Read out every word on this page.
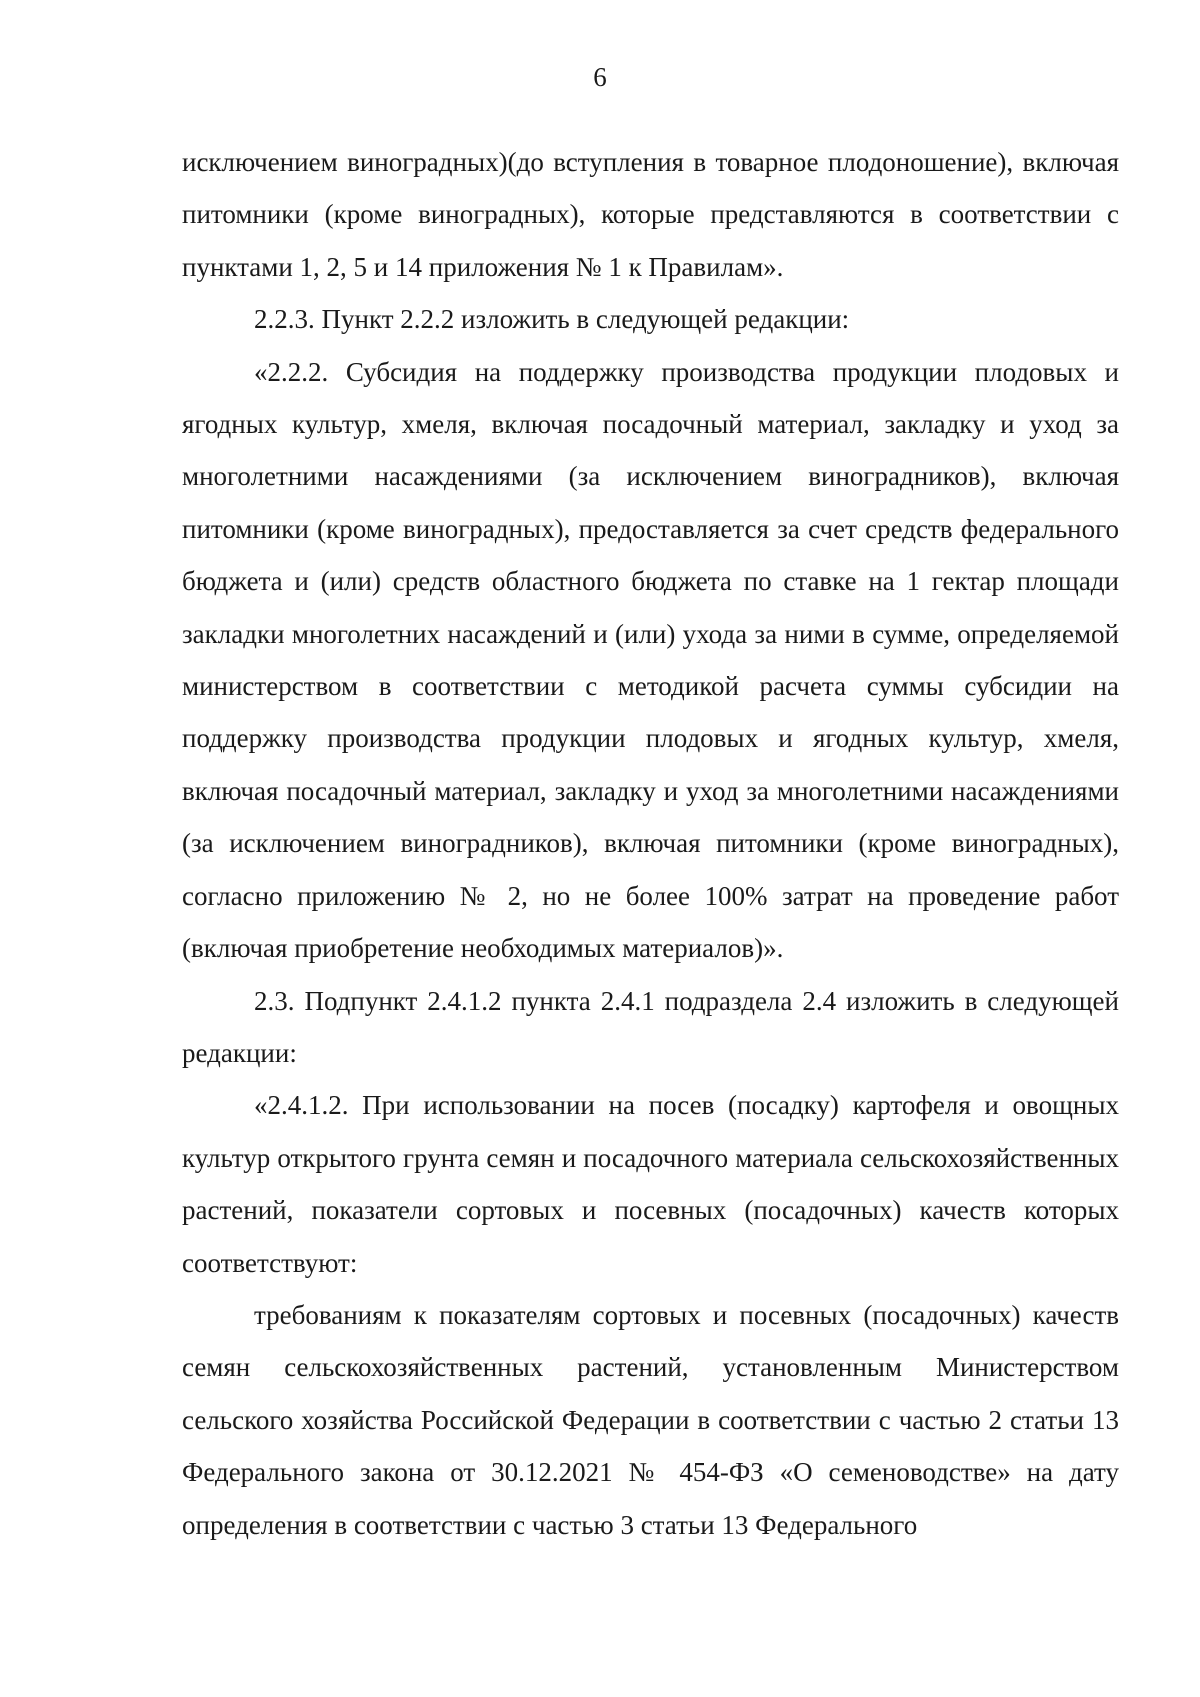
6

исключением виноградных)(до вступления в товарное плодоношение), включая питомники (кроме виноградных), которые представляются в соответствии с пунктами 1, 2, 5 и 14 приложения № 1 к Правилам».

2.2.3. Пункт 2.2.2 изложить в следующей редакции:

«2.2.2. Субсидия на поддержку производства продукции плодовых и ягодных культур, хмеля, включая посадочный материал, закладку и уход за многолетними насаждениями (за исключением виноградников), включая питомники (кроме виноградных), предоставляется за счет средств федерального бюджета и (или) средств областного бюджета по ставке на 1 гектар площади закладки многолетних насаждений и (или) ухода за ними в сумме, определяемой министерством в соответствии с методикой расчета суммы субсидии на поддержку производства продукции плодовых и ягодных культур, хмеля, включая посадочный материал, закладку и уход за многолетними насаждениями (за исключением виноградников), включая питомники (кроме виноградных), согласно приложению № 2, но не более 100% затрат на проведение работ (включая приобретение необходимых материалов)».

2.3. Подпункт 2.4.1.2 пункта 2.4.1 подраздела 2.4 изложить в следующей редакции:

«2.4.1.2. При использовании на посев (посадку) картофеля и овощных культур открытого грунта семян и посадочного материала сельскохозяйственных растений, показатели сортовых и посевных (посадочных) качеств которых соответствуют:

требованиям к показателям сортовых и посевных (посадочных) качеств семян сельскохозяйственных растений, установленным Министерством сельского хозяйства Российской Федерации в соответствии с частью 2 статьи 13 Федерального закона от 30.12.2021 № 454-ФЗ «О семеноводстве» на дату определения в соответствии с частью 3 статьи 13 Федерального
